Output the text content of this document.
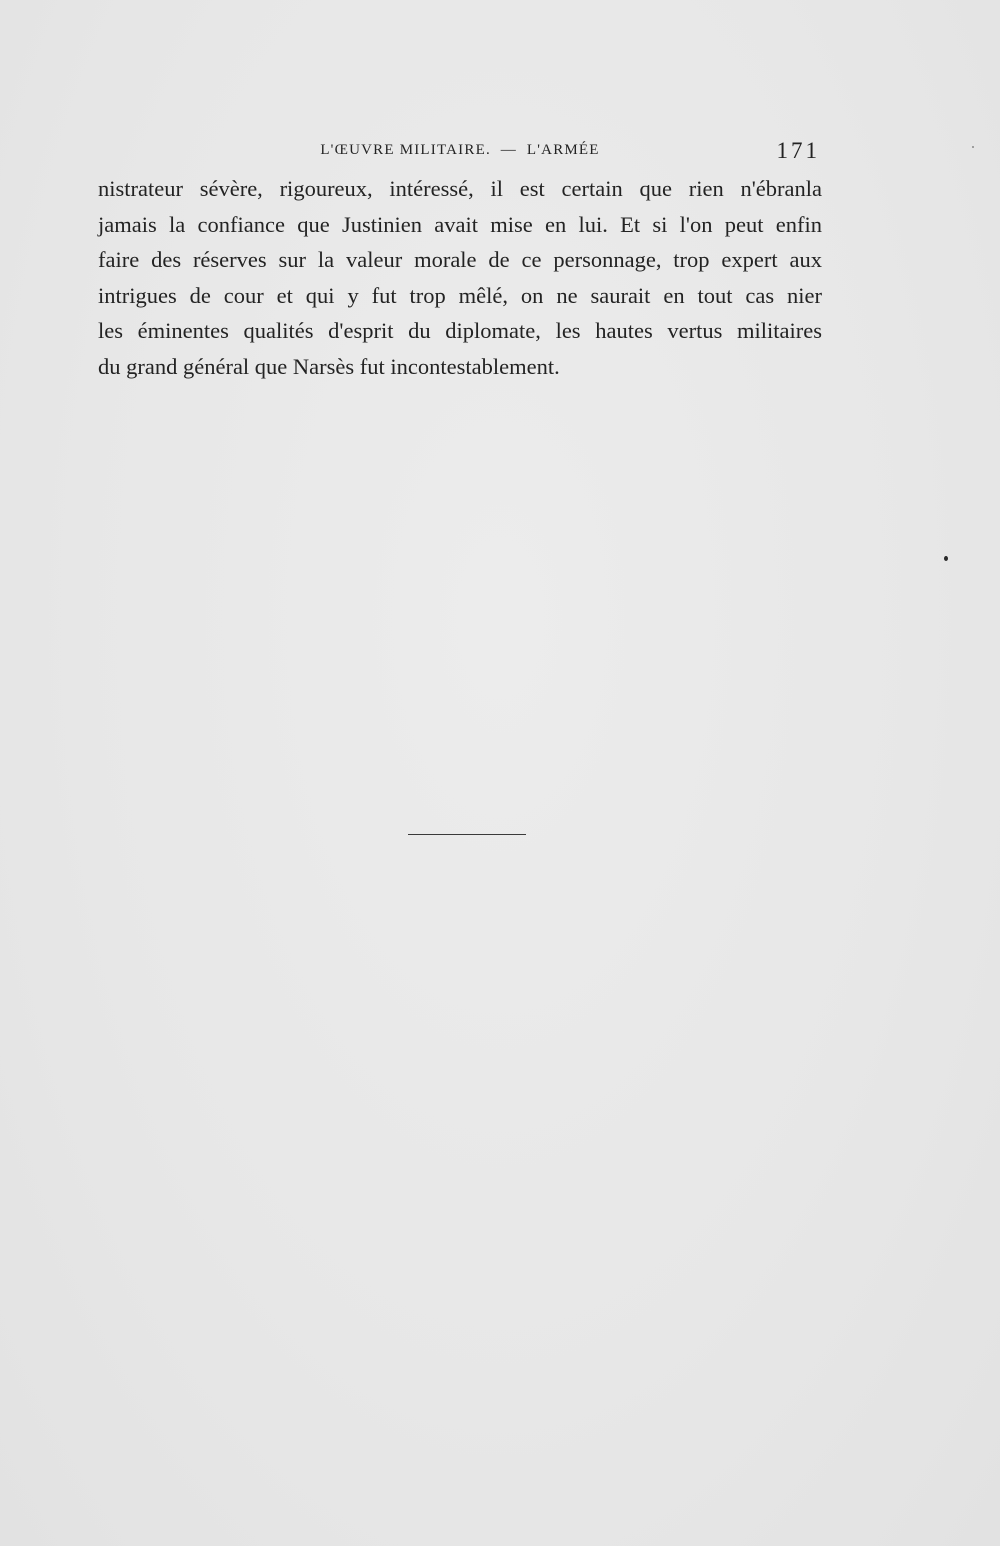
L'ŒUVRE MILITAIRE.  —  L'ARMÉE	171
nistrateur sévère, rigoureux, intéressé, il est certain que rien n'ébranla
jamais la confiance que Justinien avait mise en lui. Et si l'on peut enfin
faire des réserves sur la valeur morale de ce personnage, trop expert aux
intrigues de cour et qui y fut trop mêlé, on ne saurait en tout cas nier
les éminentes qualités d'esprit du diplomate, les hautes vertus militaires
du grand général que Narsès fut incontestablement.
